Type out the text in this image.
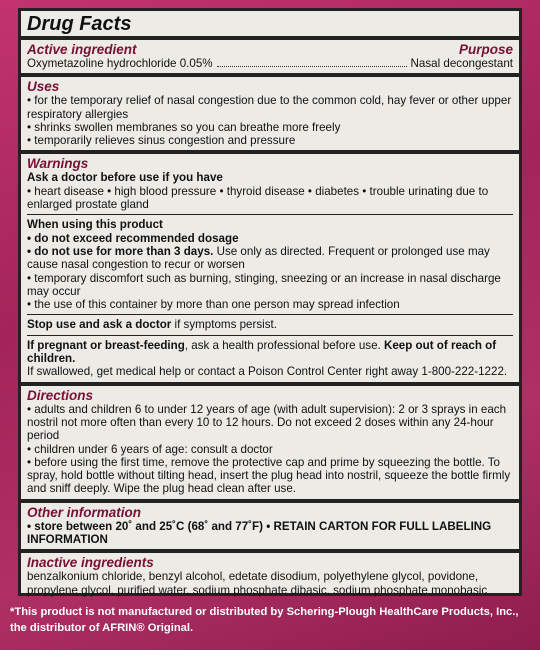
Drug Facts
Active ingredient	Purpose
Oxymetazoline hydrochloride 0.05%	Nasal decongestant
Uses
• for the temporary relief of nasal congestion due to the common cold, hay fever or other upper respiratory allergies
• shrinks swollen membranes so you can breathe more freely
• temporarily relieves sinus congestion and pressure
Warnings
Ask a doctor before use if you have
• heart disease • high blood pressure • thyroid disease • diabetes • trouble urinating due to enlarged prostate gland
When using this product
• do not exceed recommended dosage
• do not use for more than 3 days. Use only as directed. Frequent or prolonged use may cause nasal congestion to recur or worsen
• temporary discomfort such as burning, stinging, sneezing or an increase in nasal discharge may occur
• the use of this container by more than one person may spread infection
Stop use and ask a doctor if symptoms persist.
If pregnant or breast-feeding, ask a health professional before use. Keep out of reach of children.
If swallowed, get medical help or contact a Poison Control Center right away 1-800-222-1222.
Directions
• adults and children 6 to under 12 years of age (with adult supervision): 2 or 3 sprays in each nostril not more often than every 10 to 12 hours. Do not exceed 2 doses within any 24-hour period
• children under 6 years of age: consult a doctor
• before using the first time, remove the protective cap and prime by squeezing the bottle. To spray, hold bottle without tilting head, insert the plug head into nostril, squeeze the bottle firmly and sniff deeply. Wipe the plug head clean after use.
Other information
• store between 20˚ and 25˚C (68˚ and 77˚F) • RETAIN CARTON FOR FULL LABELING INFORMATION
Inactive ingredients
benzalkonium chloride, benzyl alcohol, edetate disodium, polyethylene glycol, povidone, propylene glycol, purified water, sodium phosphate dibasic, sodium phosphate monobasic
*This product is not manufactured or distributed by Schering-Plough HealthCare Products, Inc.,
the distributor of AFRIN® Original.
